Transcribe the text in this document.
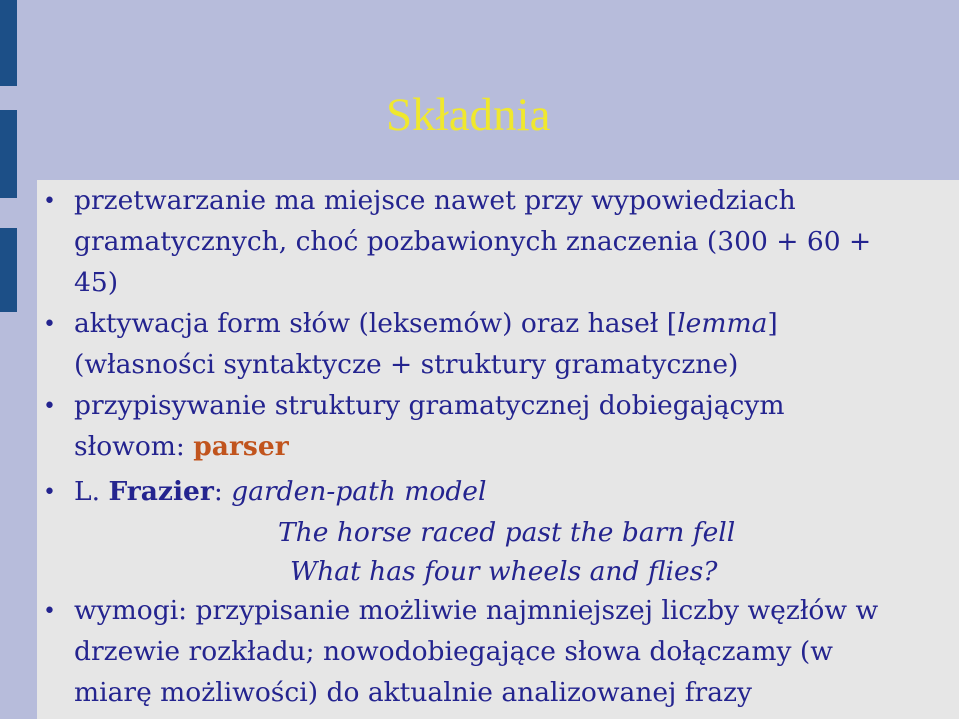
Składnia
• przetwarzanie ma miejsce nawet przy wypowiedziach
gramatycznych, choć pozbawionych znaczenia (300 + 60 +
45)
• aktywacja form słów (leksemów) oraz haseł [lemma]
(własności syntaktycze + struktury gramatyczne)
• przypisywanie struktury gramatycznej dobiegającym
słowom: parser
• L. Frazier: garden-path model
The horse raced past the barn fell
What has four wheels and flies?
• wymogi: przypisanie możliwie najmniejszej liczby węzłów w
drzewie rozkładu; nowodobiegające słowa dołączamy (w
miarę możliwości) do aktualnie analizowanej frazy
